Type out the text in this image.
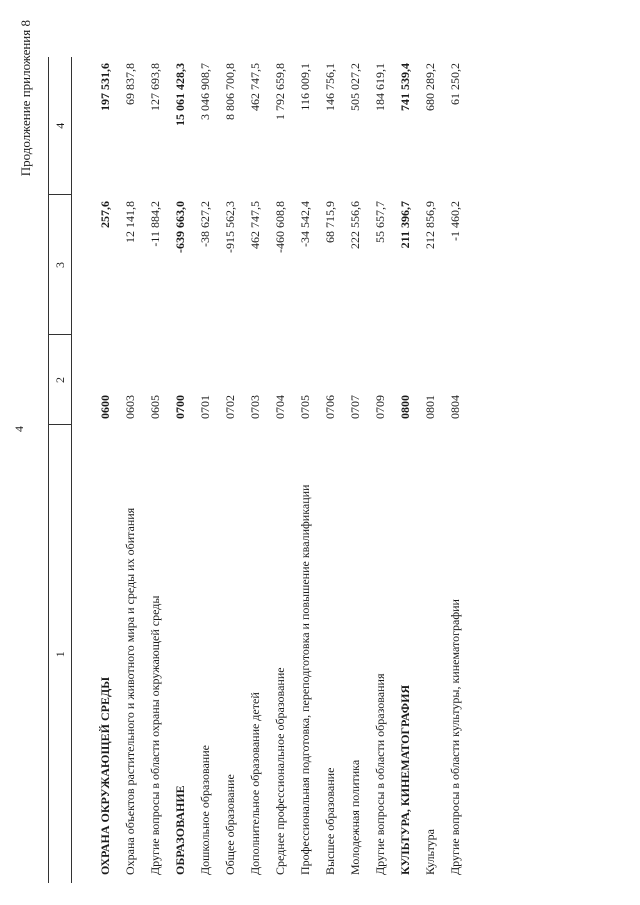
4
Продолжение приложения 8
1	2	3	4
ОХРАНА ОКРУЖАЮЩЕЙ СРЕДЫ	0600	257,6	197 531,6
Охрана объектов растительного и животного мира и среды их обитания	0603	12 141,8	69 837,8
Другие вопросы в области охраны окружающей среды	0605	-11 884,2	127 693,8
ОБРАЗОВАНИЕ	0700	-639 663,0	15 061 428,3
Дошкольное образование	0701	-38 627,2	3 046 908,7
Общее образование	0702	-915 562,3	8 806 700,8
Дополнительное образование детей	0703	462 747,5	462 747,5
Среднее профессиональное образование	0704	-460 608,8	1 792 659,8
Профессиональная подготовка, переподготовка и повышение квалификации	0705	-34 542,4	116 009,1
Высшее образование	0706	68 715,9	146 756,1
Молодежная политика	0707	222 556,6	505 027,2
Другие вопросы в области образования	0709	55 657,7	184 619,1
КУЛЬТУРА, КИНЕМАТОГРАФИЯ	0800	211 396,7	741 539,4
Культура	0801	212 856,9	680 289,2
Другие вопросы в области культуры, кинематографии	0804	-1 460,2	61 250,2
